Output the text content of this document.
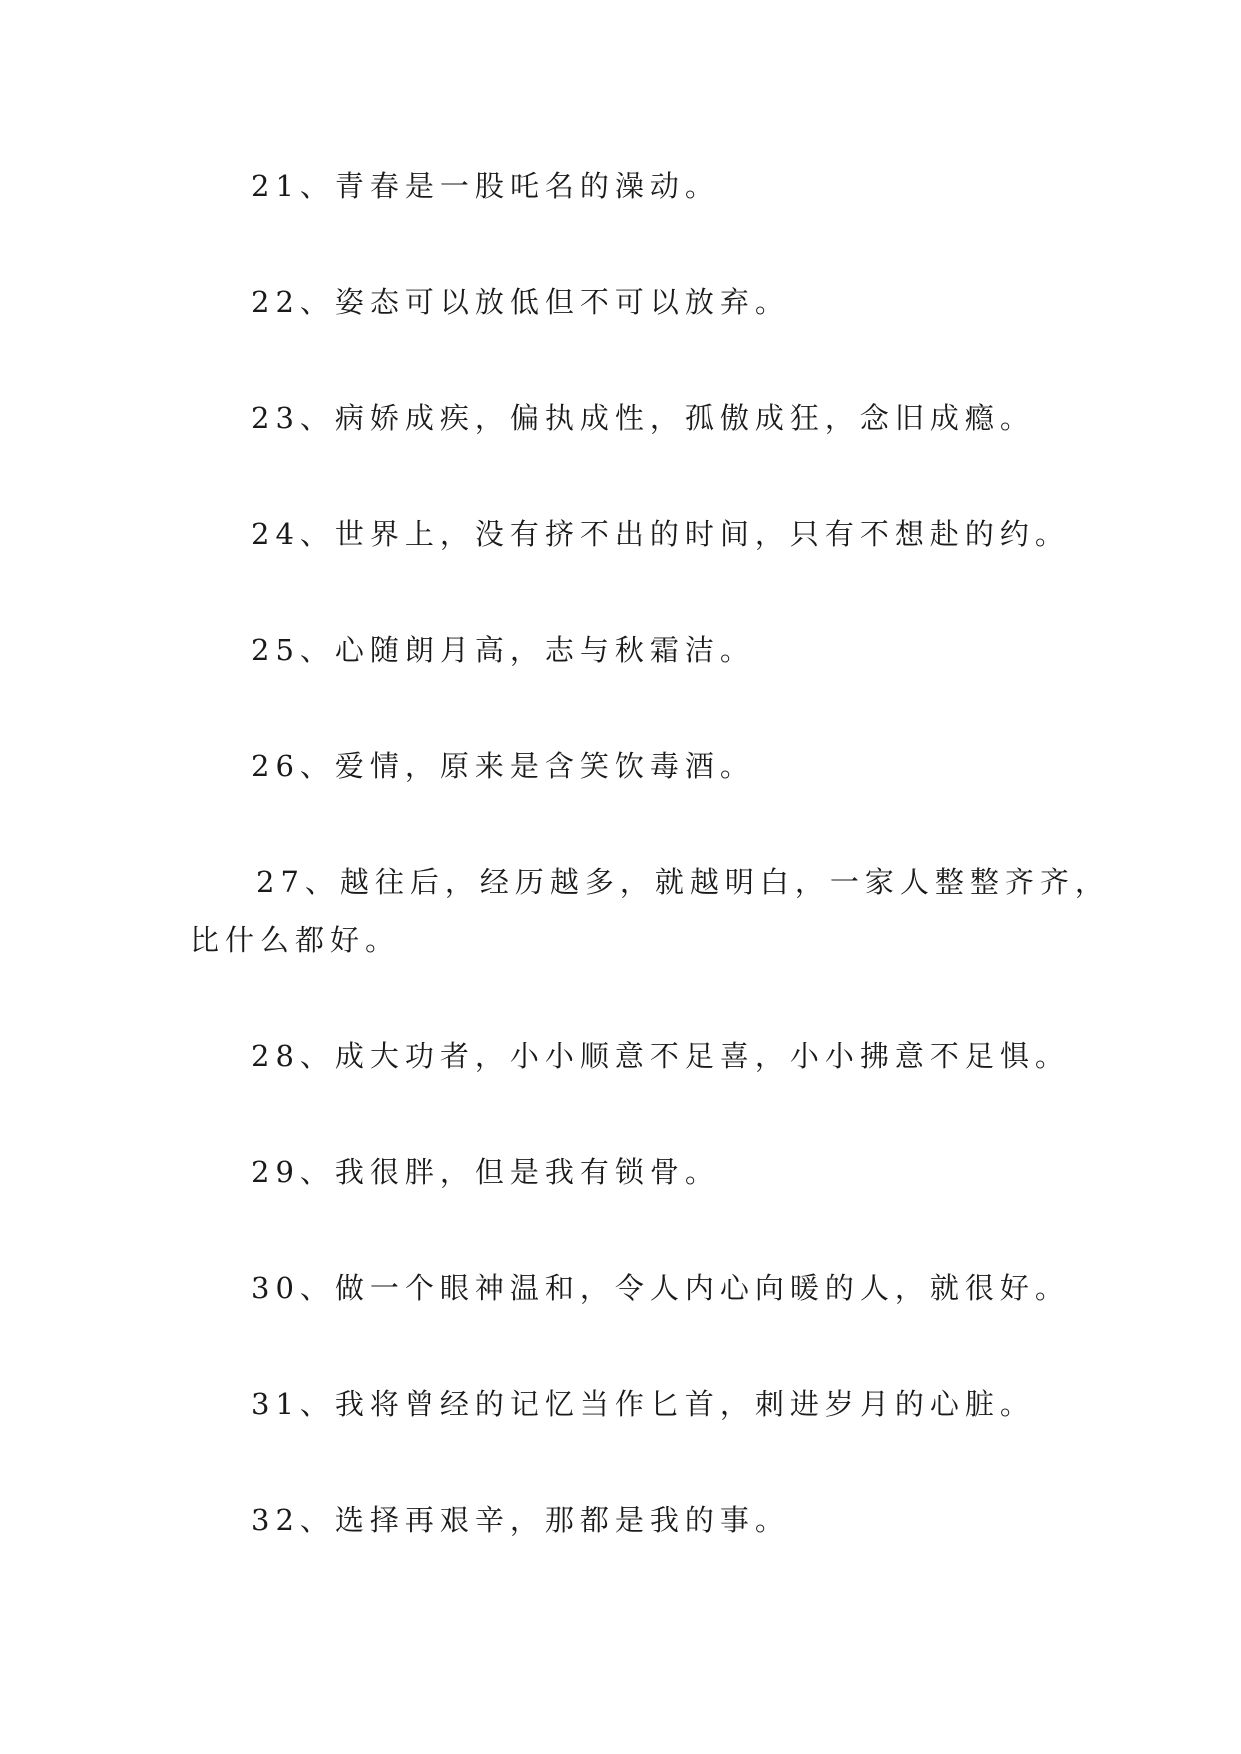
21、青春是一股吒名的澡动。
22、姿态可以放低但不可以放弃。
23、病娇成疾，偏执成性，孤傲成狂，念旧成瘾。
24、世界上，没有挤不出的时间，只有不想赴的约。
25、心随朗月高，志与秋霜洁。
26、爱情，原来是含笑饮毒酒。
27、越往后，经历越多，就越明白，一家人整整齐齐，
比什么都好。
28、成大功者，小小顺意不足喜，小小拂意不足惧。
29、我很胖，但是我有锁骨。
30、做一个眼神温和，令人内心向暖的人，就很好。
31、我将曾经的记忆当作匕首，刺进岁月的心脏。
32、选择再艰辛，那都是我的事。
